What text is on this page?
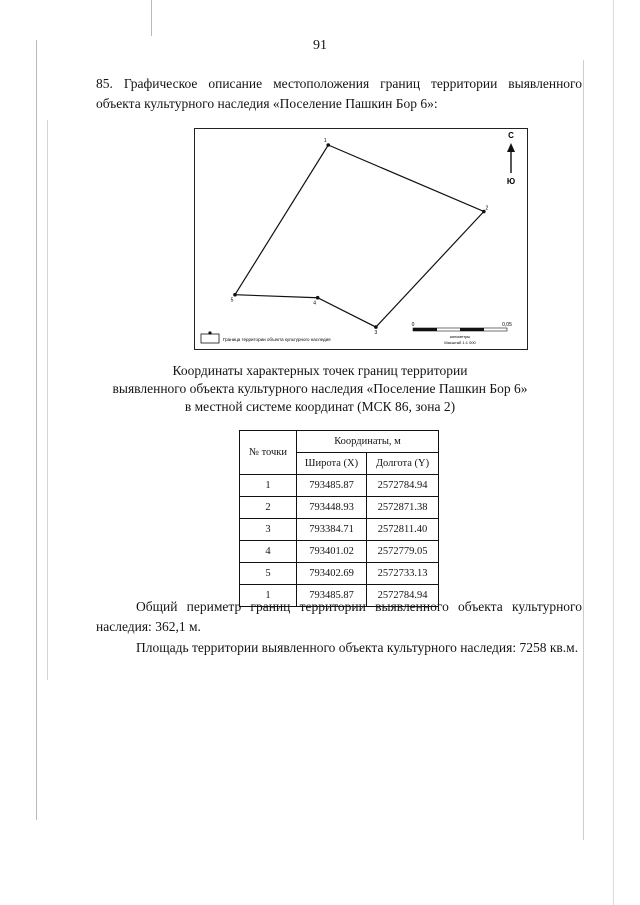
91
85. Графическое описание местоположения границ территории выявленного объекта культурного наследия «Поселение Пашкин Бор 6»:
1
2
3
4
5
С
Ю
0	0,05
километры
Масштаб 1:1 000
Граница территории объекта культурного наследия
Координаты характерных точек границ территории
выявленного объекта культурного наследия «Поселение Пашкин Бор 6»
в местной системе координат (МСК 86, зона 2)
№ точки	Координаты, м	
	Широта (X)	Долгота (Y)
1	793485.87	2572784.94
2	793448.93	2572871.38
3	793384.71	2572811.40
4	793401.02	2572779.05
5	793402.69	2572733.13
1	793485.87	2572784.94
Общий периметр границ территории выявленного объекта культурного наследия: 362,1 м.
Площадь территории выявленного объекта культурного наследия: 7258 кв.м.
